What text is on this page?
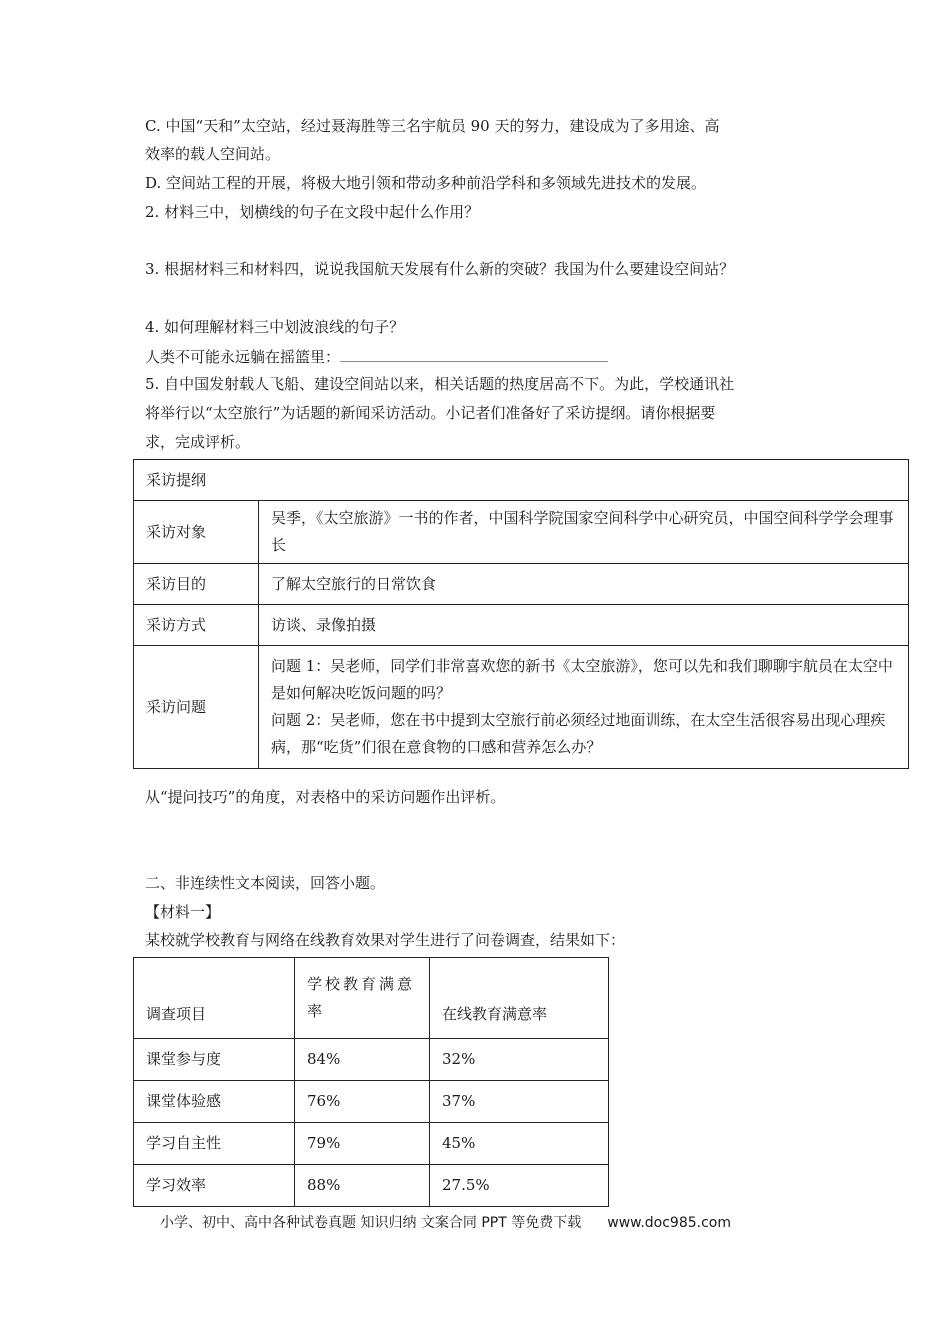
C. 中国“天和”太空站，经过聂海胜等三名宇航员 90 天的努力，建设成为了多用途、高
效率的载人空间站。
D. 空间站工程的开展，将极大地引领和带动多种前沿学科和多领域先进技术的发展。
2. 材料三中，划横线的句子在文段中起什么作用？
3. 根据材料三和材料四，说说我国航天发展有什么新的突破？我国为什么要建设空间站？
4. 如何理解材料三中划波浪线的句子？
人类不可能永远躺在摇篮里：
5. 自中国发射载人飞船、建设空间站以来，相关话题的热度居高不下。为此，学校通讯社
将举行以“太空旅行”为话题的新闻采访活动。小记者们准备好了采访提纲。请你根据要
求，完成评析。
采访提纲	
采访对象	吴季，《太空旅游》一书的作者，中国科学院国家空间科学中心研究员，中国空间科学学会理事长
采访目的	了解太空旅行的日常饮食
采访方式	访谈、录像拍摄
采访问题	问题 1：吴老师，同学们非常喜欢您的新书《太空旅游》，您可以先和我们聊聊宇航员在太空中是如何解决吃饭问题的吗？
问题 2：吴老师，您在书中提到太空旅行前必须经过地面训练，在太空生活很容易出现心理疾病，那“吃货”们很在意食物的口感和营养怎么办？
从“提问技巧”的角度，对表格中的采访问题作出评析。
二、非连续性文本阅读，回答小题。
【材料一】
某校就学校教育与网络在线教育效果对学生进行了问卷调查，结果如下：
调查项目	学校教育满意率	在线教育满意率
课堂参与度	84%	32%
课堂体验感	76%	37%
学习自主性	79%	45%
学习效率	88%	27.5%
小学、初中、高中各种试卷真题 知识归纳 文案合同 PPT 等免费下载 www.doc985.com
